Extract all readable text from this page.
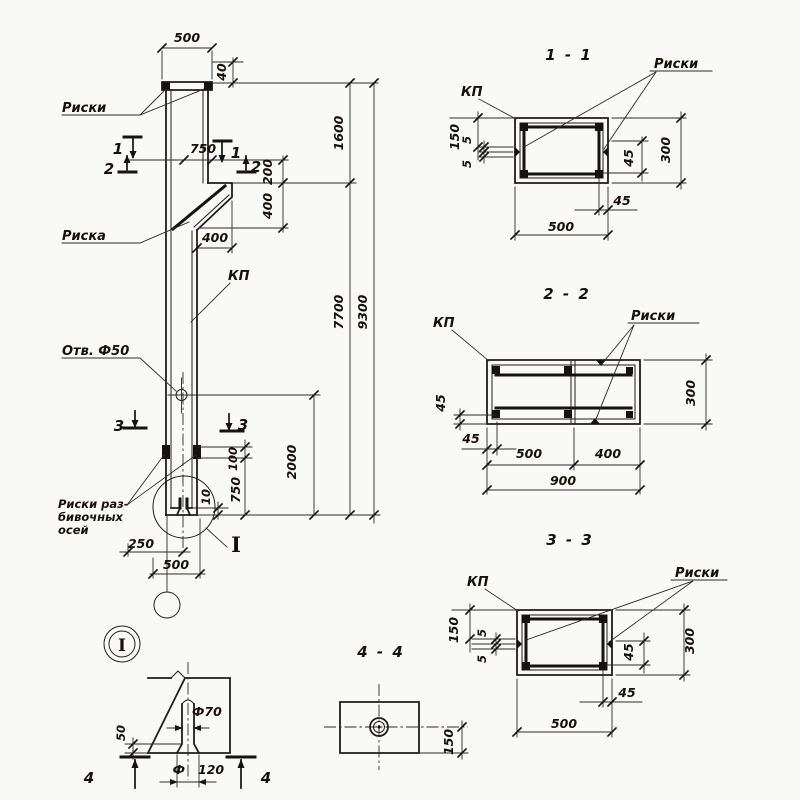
500
40
750
200
400
400
1600
7700 9300
100
750
10
2000
250
500
Риски
Риска
КП
Отв. Ф50
Риски раз-
бивочных
осей
I
1
2
1
2
3	3
I
Ф70
50
Ф 120
4	4
1 - 1
КП
Риски
150
5
5	45 300
45
500
2 - 2
КП	Риски
45
45
500	400
900
300
3 - 3
КП
Риски
150 5
5	45	300
45
500
4 - 4
150
